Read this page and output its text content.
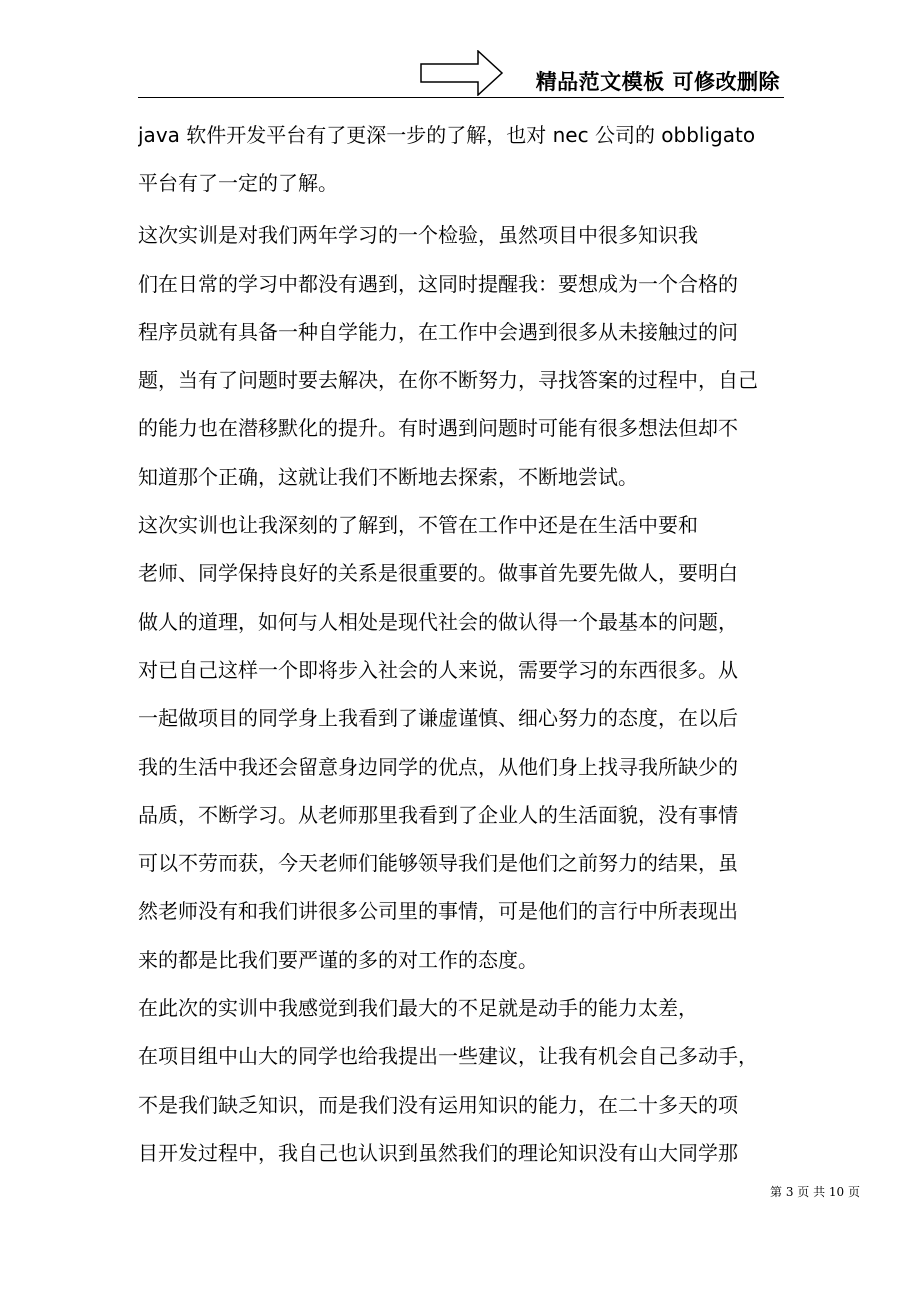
精品范文模板 可修改删除
java 软件开发平台有了更深一步的了解，也对 nec 公司的 obbligato
平台有了一定的了解。
这次实训是对我们两年学习的一个检验，虽然项目中很多知识我
们在日常的学习中都没有遇到，这同时提醒我：要想成为一个合格的
程序员就有具备一种自学能力，在工作中会遇到很多从未接触过的问
题，当有了问题时要去解决，在你不断努力，寻找答案的过程中，自己
的能力也在潜移默化的提升。有时遇到问题时可能有很多想法但却不
知道那个正确，这就让我们不断地去探索，不断地尝试。
这次实训也让我深刻的了解到，不管在工作中还是在生活中要和
老师、同学保持良好的关系是很重要的。做事首先要先做人，要明白
做人的道理，如何与人相处是现代社会的做认得一个最基本的问题，
对已自己这样一个即将步入社会的人来说，需要学习的东西很多。从
一起做项目的同学身上我看到了谦虚谨慎、细心努力的态度，在以后
我的生活中我还会留意身边同学的优点，从他们身上找寻我所缺少的
品质，不断学习。从老师那里我看到了企业人的生活面貌，没有事情
可以不劳而获，今天老师们能够领导我们是他们之前努力的结果，虽
然老师没有和我们讲很多公司里的事情，可是他们的言行中所表现出
来的都是比我们要严谨的多的对工作的态度。
在此次的实训中我感觉到我们最大的不足就是动手的能力太差，
在项目组中山大的同学也给我提出一些建议，让我有机会自己多动手，
不是我们缺乏知识，而是我们没有运用知识的能力，在二十多天的项
目开发过程中，我自己也认识到虽然我们的理论知识没有山大同学那
第 3 页 共 10 页
